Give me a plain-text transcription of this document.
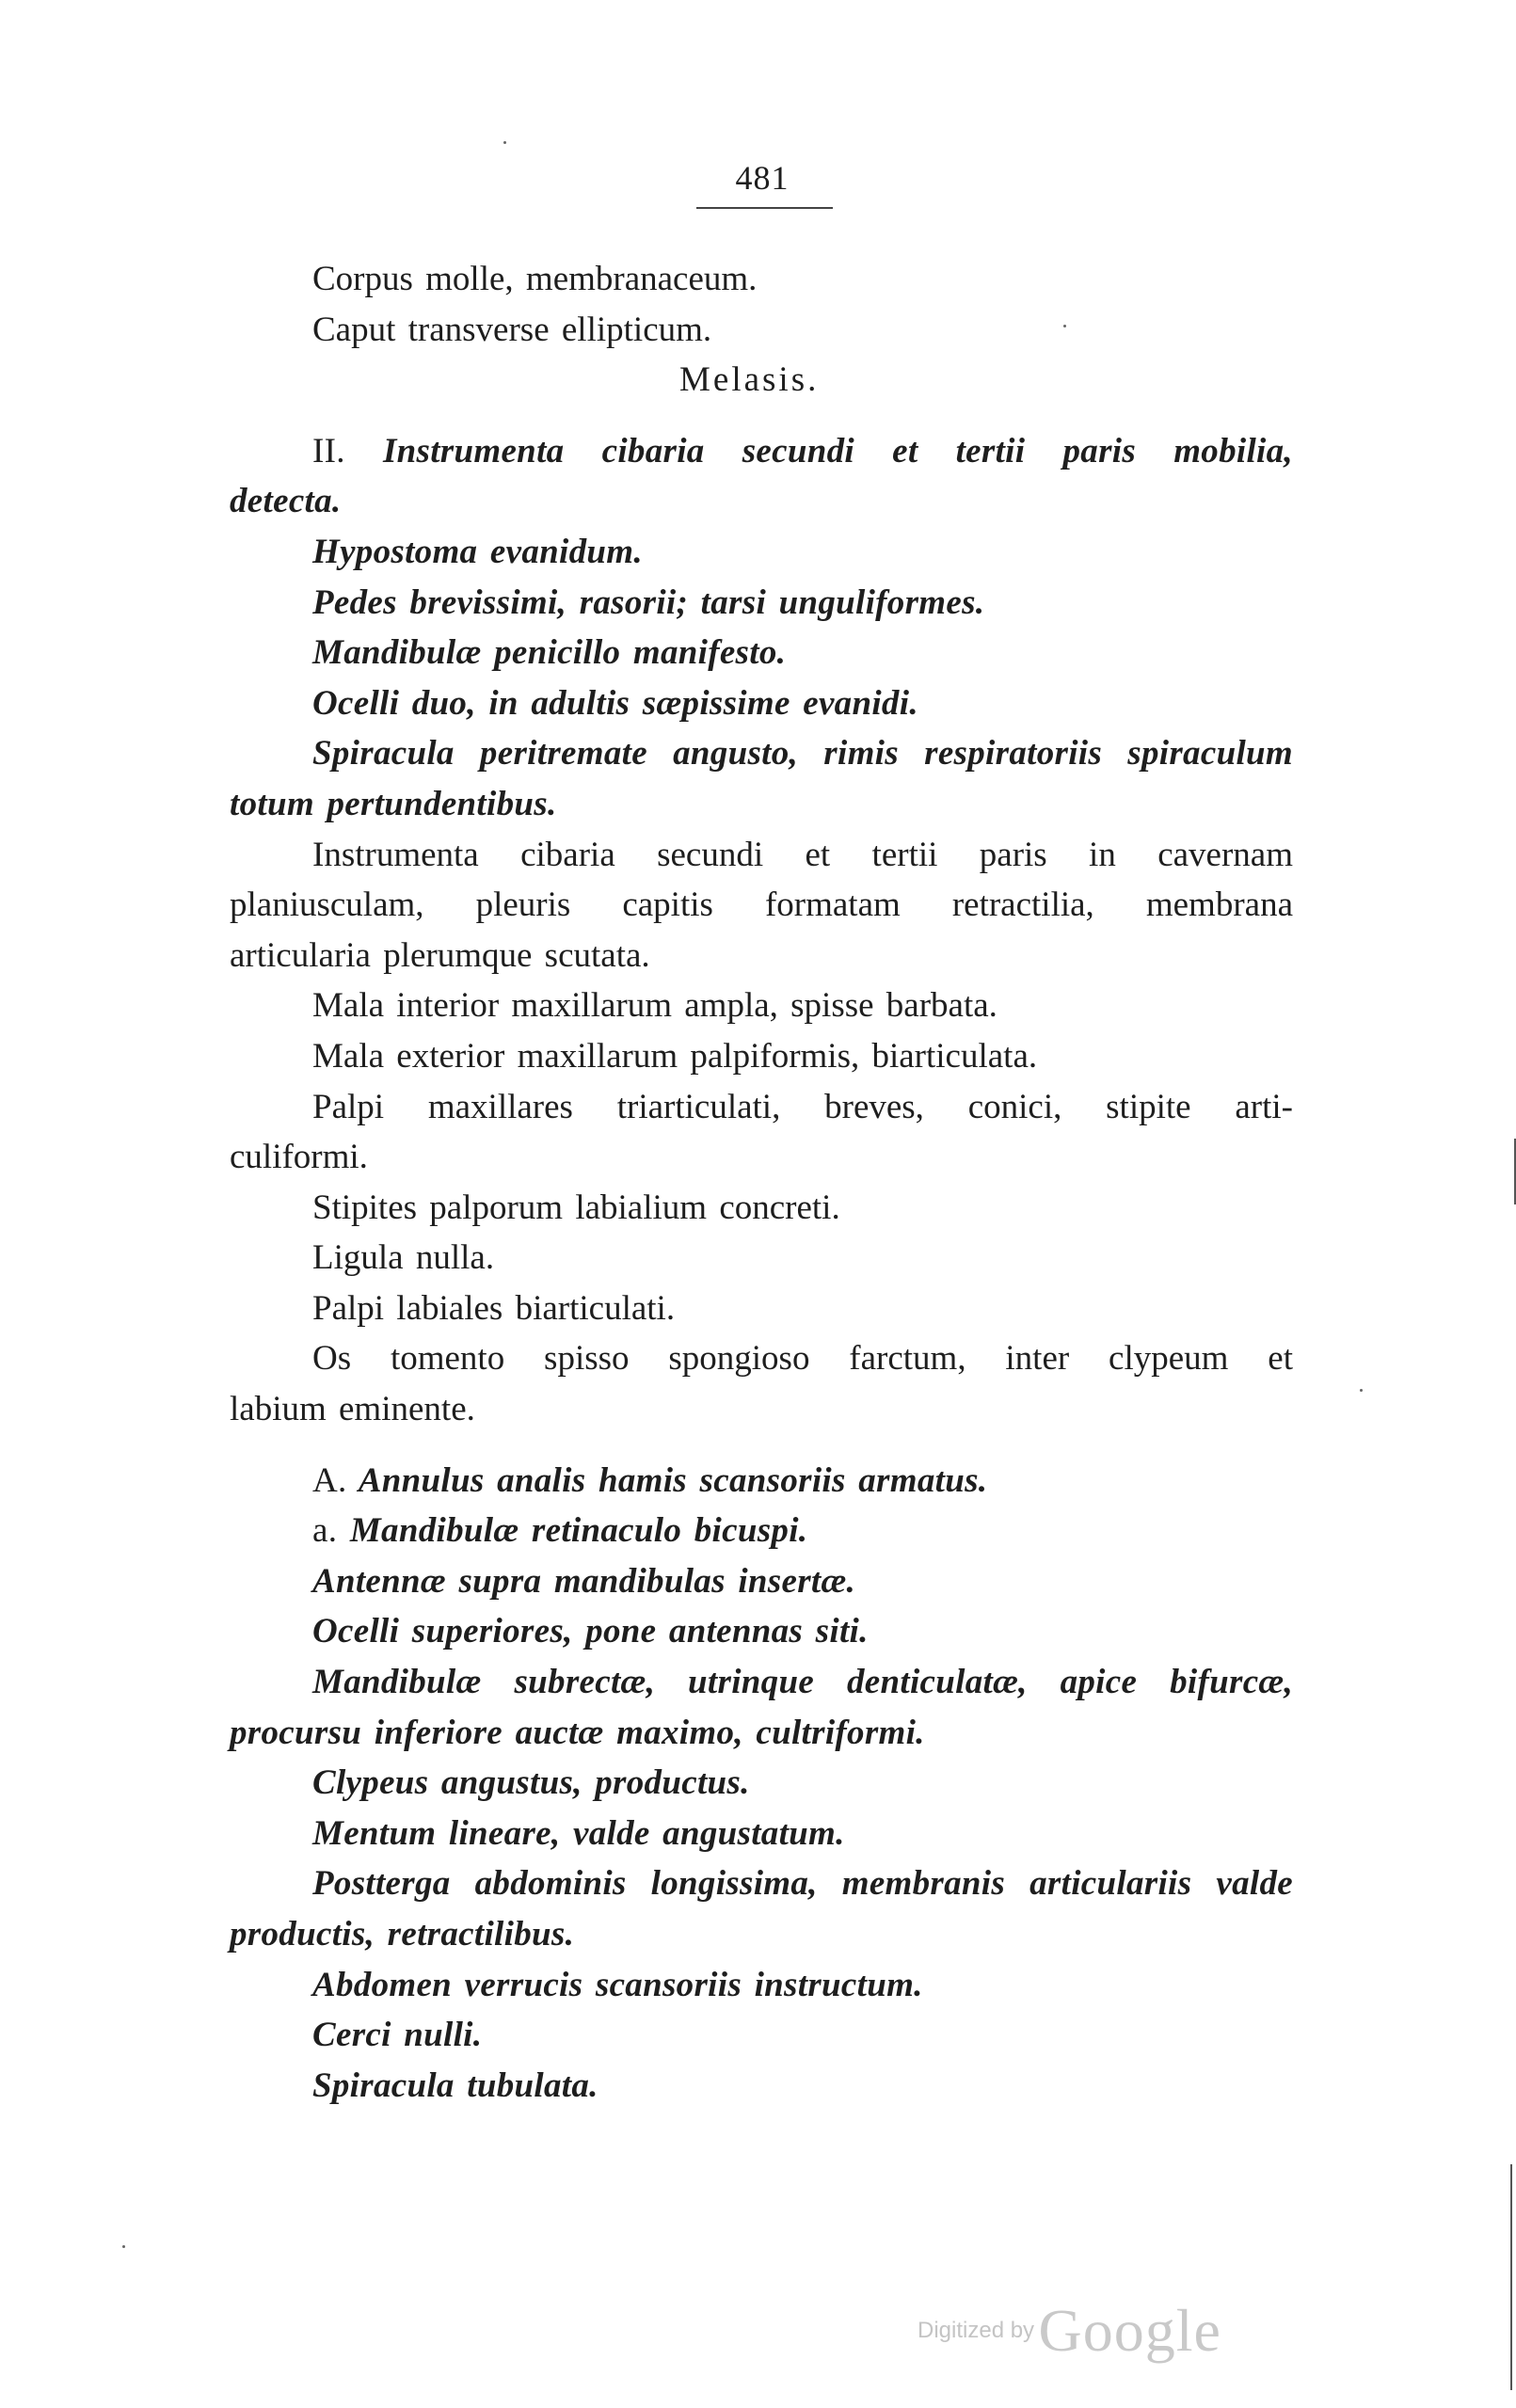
481
Corpus molle, membranaceum.
Caput transverse ellipticum.
Melasis.
II. Instrumenta cibaria secundi et tertii paris mobilia,
detecta.
Hypostoma evanidum.
Pedes brevissimi, rasorii; tarsi unguliformes.
Mandibulæ penicillo manifesto.
Ocelli duo, in adultis sæpissime evanidi.
Spiracula peritremate angusto, rimis respiratoriis spiraculum
totum pertundentibus.
Instrumenta cibaria secundi et tertii paris in cavernam
planiusculam, pleuris capitis formatam retractilia, membrana
articularia plerumque scutata.
Mala interior maxillarum ampla, spisse barbata.
Mala exterior maxillarum palpiformis, biarticulata.
Palpi maxillares triarticulati, breves, conici, stipite arti-
culiformi.
Stipites palporum labialium concreti.
Ligula nulla.
Palpi labiales biarticulati.
Os tomento spisso spongioso farctum, inter clypeum et
labium eminente.
A. Annulus analis hamis scansoriis armatus.
a. Mandibulæ retinaculo bicuspi.
Antennæ supra mandibulas insertæ.
Ocelli superiores, pone antennas siti.
Mandibulæ subrectæ, utrinque denticulatæ, apice bifurcæ,
procursu inferiore auctæ maximo, cultriformi.
Clypeus angustus, productus.
Mentum lineare, valde angustatum.
Postterga abdominis longissima, membranis articulariis valde
productis, retractilibus.
Abdomen verrucis scansoriis instructum.
Cerci nulli.
Spiracula tubulata.
Digitized by Google
